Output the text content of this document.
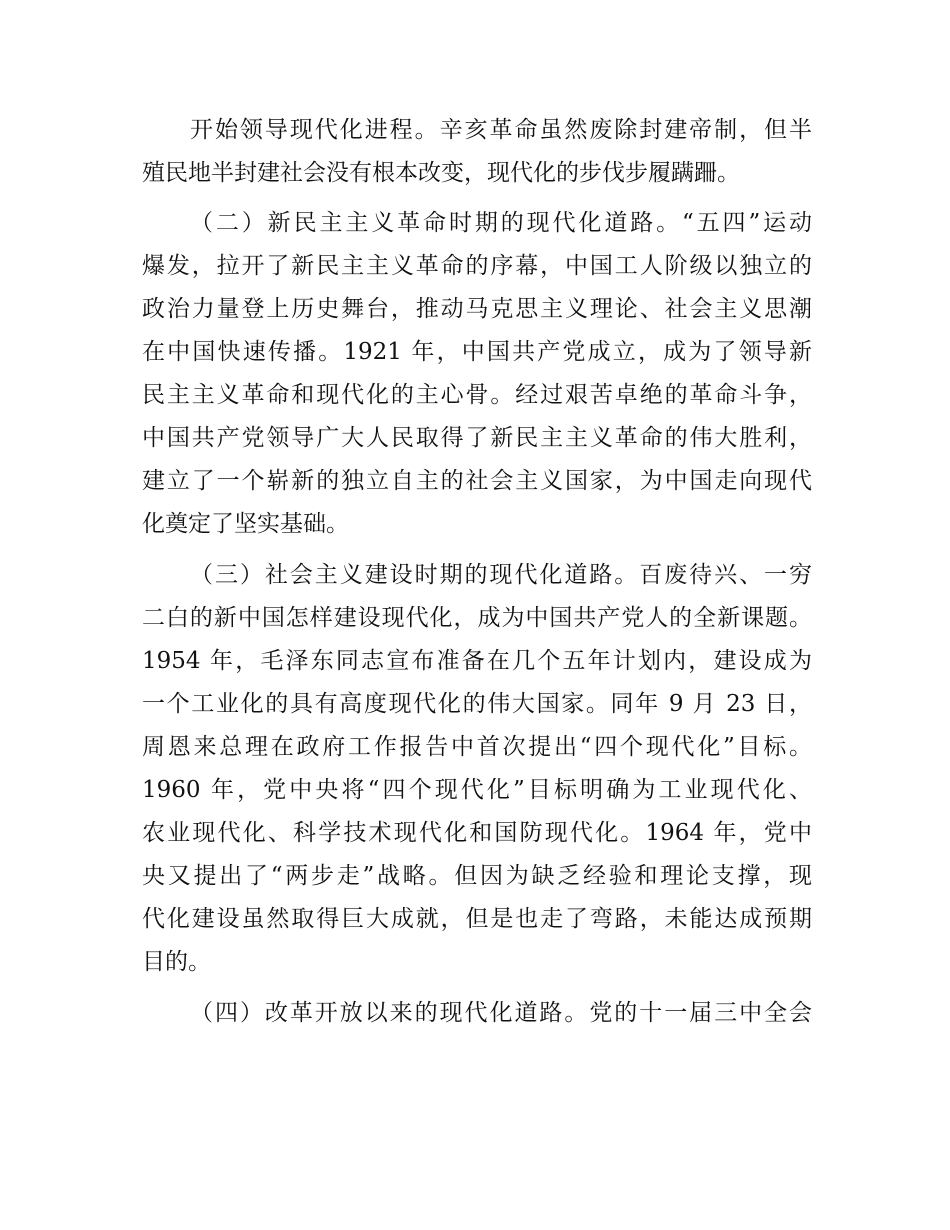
开始领导现代化进程。辛亥革命虽然废除封建帝制，但半
殖民地半封建社会没有根本改变，现代化的步伐步履蹒跚。
（二）新民主主义革命时期的现代化道路。“五四”运动
爆发，拉开了新民主主义革命的序幕，中国工人阶级以独立的
政治力量登上历史舞台，推动马克思主义理论、社会主义思潮
在中国快速传播。1921 年，中国共产党成立，成为了领导新
民主主义革命和现代化的主心骨。经过艰苦卓绝的革命斗争，
中国共产党领导广大人民取得了新民主主义革命的伟大胜利，
建立了一个崭新的独立自主的社会主义国家，为中国走向现代
化奠定了坚实基础。
（三）社会主义建设时期的现代化道路。百废待兴、一穷
二白的新中国怎样建设现代化，成为中国共产党人的全新课题。
1954 年，毛泽东同志宣布准备在几个五年计划内，建设成为
一个工业化的具有高度现代化的伟大国家。同年 9 月 23 日，
周恩来总理在政府工作报告中首次提出“四个现代化”目标。
1960 年，党中央将“四个现代化”目标明确为工业现代化、
农业现代化、科学技术现代化和国防现代化。1964 年，党中
央又提出了“两步走”战略。但因为缺乏经验和理论支撑，现
代化建设虽然取得巨大成就，但是也走了弯路，未能达成预期
目的。
（四）改革开放以来的现代化道路。党的十一届三中全会
